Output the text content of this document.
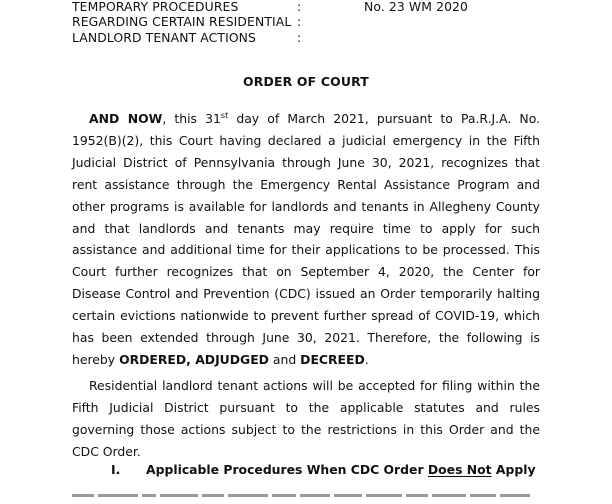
TEMPORARY PROCEDURES	:	No. 23 WM 2020
REGARDING CERTAIN RESIDENTIAL :
LANDLORD TENANT ACTIONS	:
ORDER OF COURT

AND NOW, this 31st day of March 2021, pursuant to Pa.R.J.A. No. 1952(B)(2), this Court having declared a judicial emergency in the Fifth Judicial District of Pennsylvania through June 30, 2021, recognizes that rent assistance through the Emergency Rental Assistance Program and other programs is available for landlords and tenants in Allegheny County and that landlords and tenants may require time to apply for such assistance and additional time for their applications to be processed. This Court further recognizes that on September 4, 2020, the Center for Disease Control and Prevention (CDC) issued an Order temporarily halting certain evictions nationwide to prevent further spread of COVID-19, which has been extended through June 30, 2021. Therefore, the following is hereby ORDERED, ADJUDGED and DECREED.

Residential landlord tenant actions will be accepted for filing within the Fifth Judicial District pursuant to the applicable statutes and rules governing those actions subject to the restrictions in this Order and the CDC Order.

I. Applicable Procedures When CDC Order Does Not Apply
